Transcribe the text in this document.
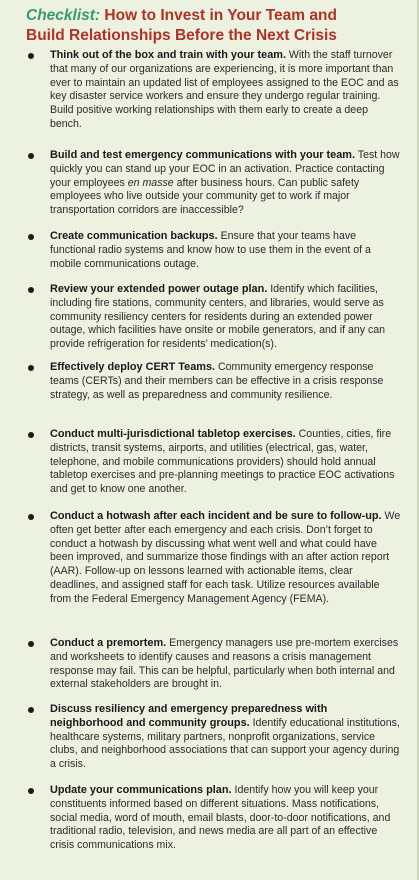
Checklist: How to Invest in Your Team and
Build Relationships Before the Next Crisis
Think out of the box and train with your team. With the staff turnover that many of our organizations are experiencing, it is more important than ever to maintain an updated list of employees assigned to the EOC and as key disaster service workers and ensure they undergo regular training. Build positive working relationships with them early to create a deep bench.
Build and test emergency communications with your team. Test how quickly you can stand up your EOC in an activation. Practice contacting your employees en masse after business hours. Can public safety employees who live outside your community get to work if major transportation corridors are inaccessible?
Create communication backups. Ensure that your teams have functional radio systems and know how to use them in the event of a mobile communications outage.
Review your extended power outage plan. Identify which facilities, including fire stations, community centers, and libraries, would serve as community resiliency centers for residents during an extended power outage, which facilities have onsite or mobile generators, and if any can provide refrigeration for residents’ medication(s).
Effectively deploy CERT Teams. Community emergency response teams (CERTs) and their members can be effective in a crisis response strategy, as well as preparedness and community resilience.
Conduct multi-jurisdictional tabletop exercises. Counties, cities, fire districts, transit systems, airports, and utilities (electrical, gas, water, telephone, and mobile communications providers) should hold annual tabletop exercises and pre-planning meetings to practice EOC activations and get to know one another.
Conduct a hotwash after each incident and be sure to follow-up. We often get better after each emergency and each crisis. Don’t forget to conduct a hotwash by discussing what went well and what could have been improved, and summarize those findings with an after action report (AAR). Follow-up on lessons learned with actionable items, clear deadlines, and assigned staff for each task. Utilize resources available from the Federal Emergency Management Agency (FEMA).
Conduct a premortem. Emergency managers use pre-mortem exercises and worksheets to identify causes and reasons a crisis management response may fail. This can be helpful, particularly when both internal and external stakeholders are brought in.
Discuss resiliency and emergency preparedness with neighborhood and community groups. Identify educational institutions, healthcare systems, military partners, nonprofit organizations, service clubs, and neighborhood associations that can support your agency during a crisis.
Update your communications plan. Identify how you will keep your constituents informed based on different situations. Mass notifications, social media, word of mouth, email blasts, door-to-door notifications, and traditional radio, television, and news media are all part of an effective crisis communications mix.
